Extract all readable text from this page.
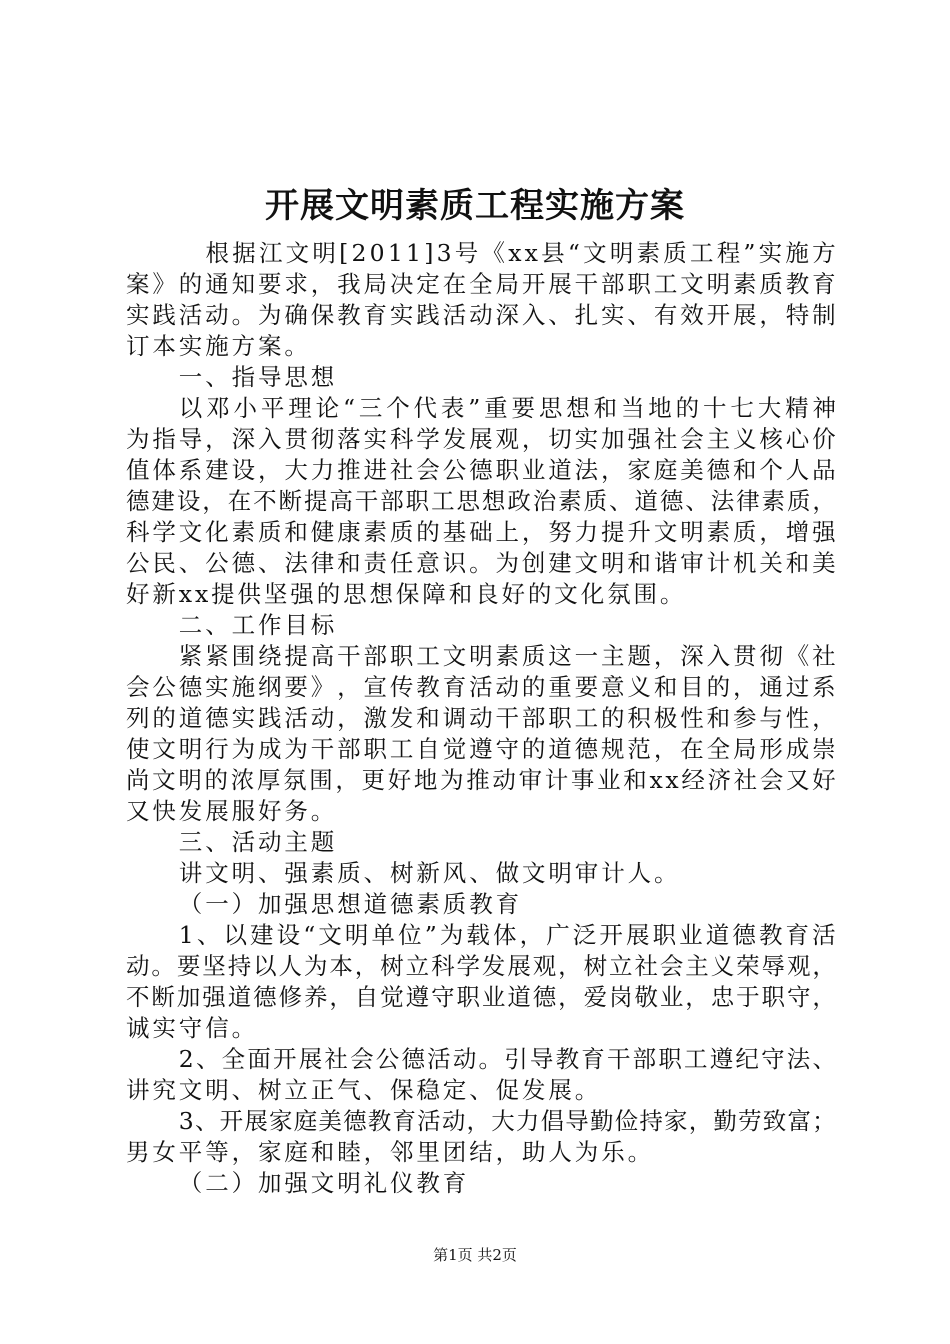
开展文明素质工程实施方案

根 据 江 文 明 [ 2 0 1 1 ] 3 号 《 x x 县 “ 文 明 素 质 工 程 ” 实 施 方
案 》 的 通 知 要 求 ， 我 局 决 定 在 全 局 开 展 干 部 职 工 文 明 素 质 教 育
实 践 活 动 。 为 确 保 教 育 实 践 活 动 深 入 、 扎 实 、 有 效 开 展 ， 特 制
订本实施方案。
一、指导思想
以 邓 小 平 理 论 “ 三 个 代 表 ” 重 要 思 想 和 当 地 的 十 七 大 精 神
为 指 导 ， 深 入 贯 彻 落 实 科 学 发 展 观 ， 切 实 加 强 社 会 主 义 核 心 价
值 体 系 建 设 ， 大 力 推 进 社 会 公 德 职 业 道 法 ， 家 庭 美 德 和 个 人 品
德 建 设 ， 在 不 断 提 高 干 部 职 工 思 想 政 治 素 质 、 道 德 、 法 律 素 质 ，
科 学 文 化 素 质 和 健 康 素 质 的 基 础 上 ， 努 力 提 升 文 明 素 质 ， 增 强
公 民 、 公 德 、 法 律 和 责 任 意 识 。 为 创 建 文 明 和 谐 审 计 机 关 和 美
好新xx提供坚强的思想保障和良好的文化氛围。
二、工作目标
紧 紧 围 绕 提 高 干 部 职 工 文 明 素 质 这 一 主 题 ， 深 入 贯 彻 《 社
会 公 德 实 施 纲 要 》 ， 宣 传 教 育 活 动 的 重 要 意 义 和 目 的 ， 通 过 系
列 的 道 德 实 践 活 动 ， 激 发 和 调 动 干 部 职 工 的 积 极 性 和 参 与 性 ，
使 文 明 行 为 成 为 干 部 职 工 自 觉 遵 守 的 道 德 规 范 ， 在 全 局 形 成 崇
尚 文 明 的 浓 厚 氛 围 ， 更 好 地 为 推 动 审 计 事 业 和 x x 经 济 社 会 又 好
又快发展服好务。
三、活动主题
讲文明、强素质、树新风、做文明审计人。
（一）加强思想道德素质教育
1 、 以 建 设 “ 文 明 单 位 ” 为 载 体 ， 广 泛 开 展 职 业 道 德 教 育 活
动 。 要 坚 持 以 人 为 本 ， 树 立 科 学 发 展 观 ， 树 立 社 会 主 义 荣 辱 观 ，
不 断 加 强 道 德 修 养 ， 自 觉 遵 守 职 业 道 德 ， 爱 岗 敬 业 ， 忠 于 职 守 ，
诚实守信。
2 、 全 面 开 展 社 会 公 德 活 动 。 引 导 教 育 干 部 职 工 遵 纪 守 法 、
讲究文明、树立正气、保稳定、促发展。
3 、 开 展 家 庭 美 德 教 育 活 动 ， 大 力 倡 导 勤 俭 持 家 ， 勤 劳 致 富 ；
男女平等，家庭和睦，邻里团结，助人为乐。
（二）加强文明礼仪教育
第1页 共2页
